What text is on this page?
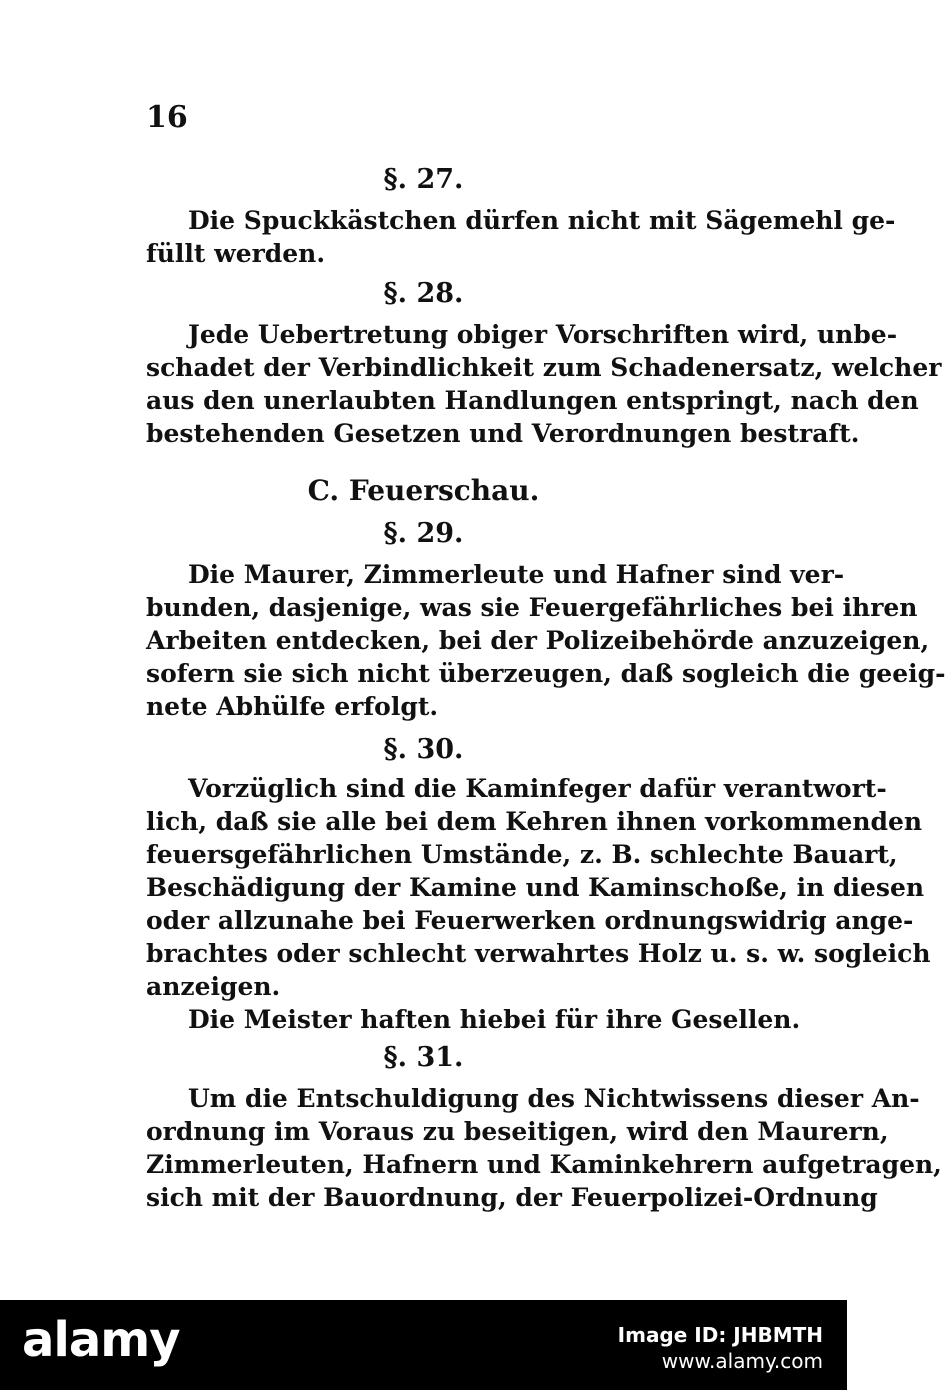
16
§. 27.
Die Spuckkästchen dürfen nicht mit Sägemehl ge-
füllt werden.
§. 28.
Jede Uebertretung obiger Vorschriften wird, unbe-
schadet der Verbindlichkeit zum Schadenersatz, welcher
aus den unerlaubten Handlungen entspringt, nach den
bestehenden Gesetzen und Verordnungen bestraft.
C. Feuerschau.
§. 29.
Die Maurer, Zimmerleute und Hafner sind ver-
bunden, dasjenige, was sie Feuergefährliches bei ihren
Arbeiten entdecken, bei der Polizeibehörde anzuzeigen,
sofern sie sich nicht überzeugen, daß sogleich die geeig-
nete Abhülfe erfolgt.
§. 30.
Vorzüglich sind die Kaminfeger dafür verantwort-
lich, daß sie alle bei dem Kehren ihnen vorkommenden
feuersgefährlichen Umstände, z. B. schlechte Bauart,
Beschädigung der Kamine und Kaminschoße, in diesen
oder allzunahe bei Feuerwerken ordnungswidrig ange-
brachtes oder schlecht verwahrtes Holz u. s. w. sogleich
anzeigen.
Die Meister haften hiebei für ihre Gesellen.
§. 31.
Um die Entschuldigung des Nichtwissens dieser An-
ordnung im Voraus zu beseitigen, wird den Maurern,
Zimmerleuten, Hafnern und Kaminkehrern aufgetragen,
sich mit der Bauordnung, der Feuerpolizei-Ordnung
alamy	Image ID: JHBMTH
www.alamy.com
